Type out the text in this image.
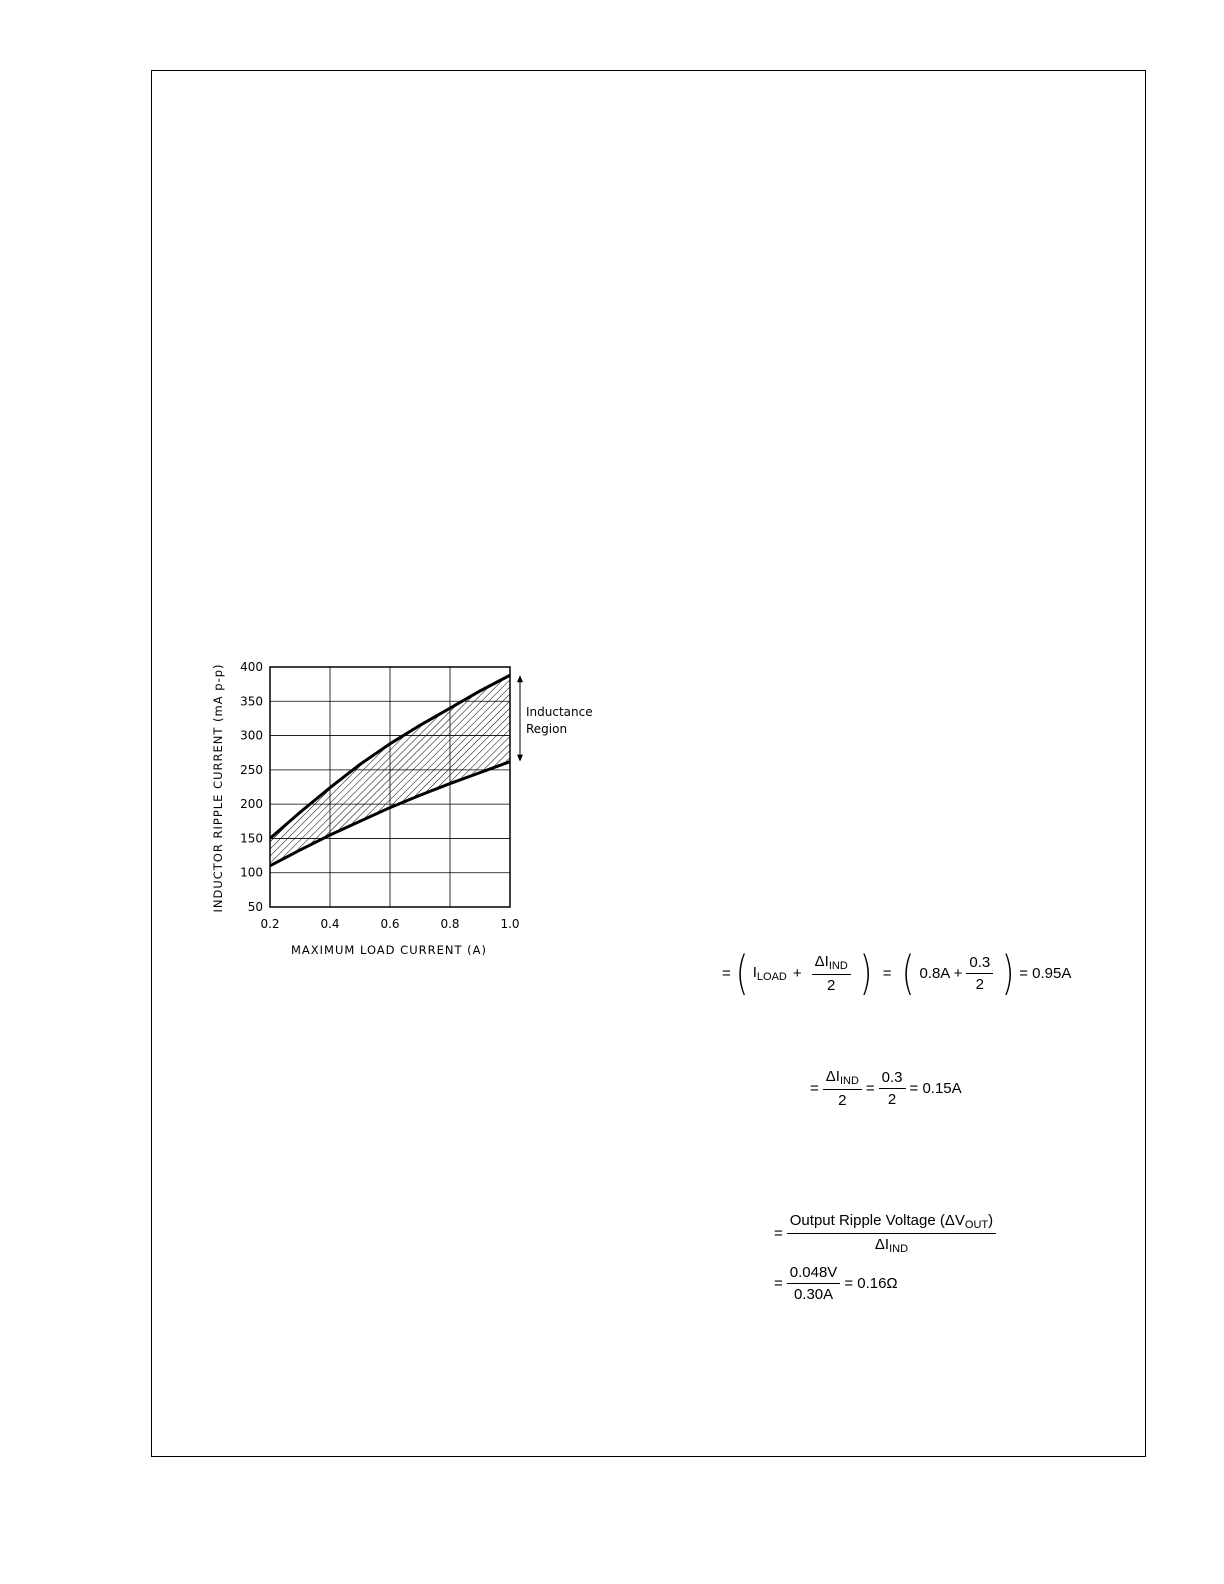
50
100
150
200
250
300
350
400
0.2	0.4	0.6	0.8	1.0
INDUCTOR RIPPLE CURRENT (mA p-p)
MAXIMUM LOAD CURRENT (A)
Inductance
Region
= ( $I_{LOAD} + \frac{\Delta I_{IND}}{2}$ ) = ( $0.8A + \frac{0.3}{2}$ ) = 0.95A
= $\frac{\Delta I_{IND}}{2} = \frac{0.3}{2} = 0.15A$
= $\frac{Output Ripple Voltage (\Delta V_{OUT})}{\Delta I_{IND}}$
= $\frac{0.048V}{0.30A} = 0.16\Omega$
